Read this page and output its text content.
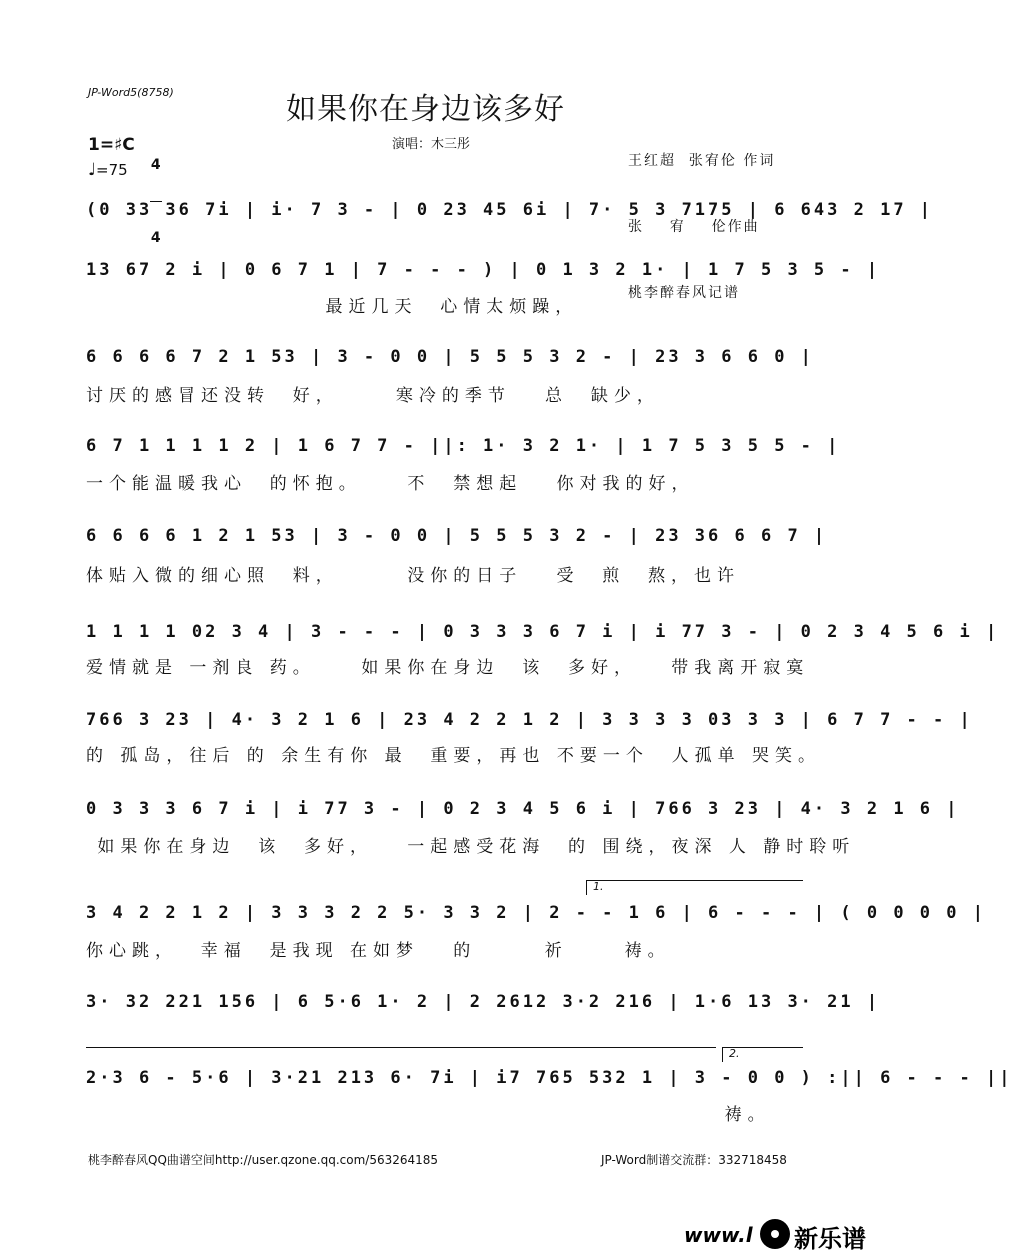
JP-Word5(8758)	如果你在身边该多好

王红超  张宥伦 作词

张    宥    伦作曲

桃李醉春风记谱

演唱：木三彤
1=♯C

4

4

♩=75
(0 33 36 7i | i· 7 3 - | 0 23 45 6i | 7· 5 3 7175 | 6 643 2 17 |
13 67 2 i | 0 6 7 1 | 7 - - - ) | 0 1 3 2 1· | 1 7 5 3 5 - |
最近几天  心情太烦躁，
6 6 6 6 7 2 1 53 | 3 - 0 0 | 5 5 5 3 2 - | 23 3 6 6 0 |
讨厌的感冒还没转  好，     寒冷的季节   总  缺少，
6 7 1 1 1 1 2 | 1 6 7 7 - ||: 1· 3 2 1· | 1 7 5 3 5 5 - |
一个能温暖我心  的怀抱。    不  禁想起   你对我的好，
6 6 6 6 1 2 1 53 | 3 - 0 0 | 5 5 5 3 2 - | 23 36 6 6 7 |
体贴入微的细心照  料，      没你的日子   受  煎  熬，也许
1 1 1 1 02 3 4 | 3 - - - | 0 3 3 3 6 7 i | i 77 3 - | 0 2 3 4 5 6 i |
爱情就是 一剂良 药。    如果你在身边  该  多好，   带我离开寂寞
766 3 23 | 4· 3 2 1 6 | 23 4 2 2 1 2 | 3 3 3 3 03 3 3 | 6 7 7 - - |
的 孤岛，往后 的 余生有你 最  重要，再也 不要一个  人孤单 哭笑。
0 3 3 3 6 7 i | i 77 3 - | 0 2 3 4 5 6 i | 766 3 23 | 4· 3 2 1 6 |
如果你在身边  该  多好，   一起感受花海  的 围绕，夜深 人 静时聆听
1.
3 4 2 2 1 2 | 3 3 3 2 2 5· 3 3 2 | 2 - - 1 6 | 6 - - - | ( 0 0 0 0 |
你心跳，  幸福  是我现 在如梦   的      祈     祷。
3· 32 221 156 | 6 5·6 1· 2 | 2 2612 3·2 216 | 1·6 13 3· 21 |
2.
2·3 6 - 5·6 | 3·21 213 6· 7i | i7 765 532 1 | 3 - 0 0 ) :|| 6 - - - ||
祷。
桃李醉春风QQ曲谱空间http://user.qzone.qq.com/563264185	JP-Word制谱交流群：332718458
www.l 新乐谱
